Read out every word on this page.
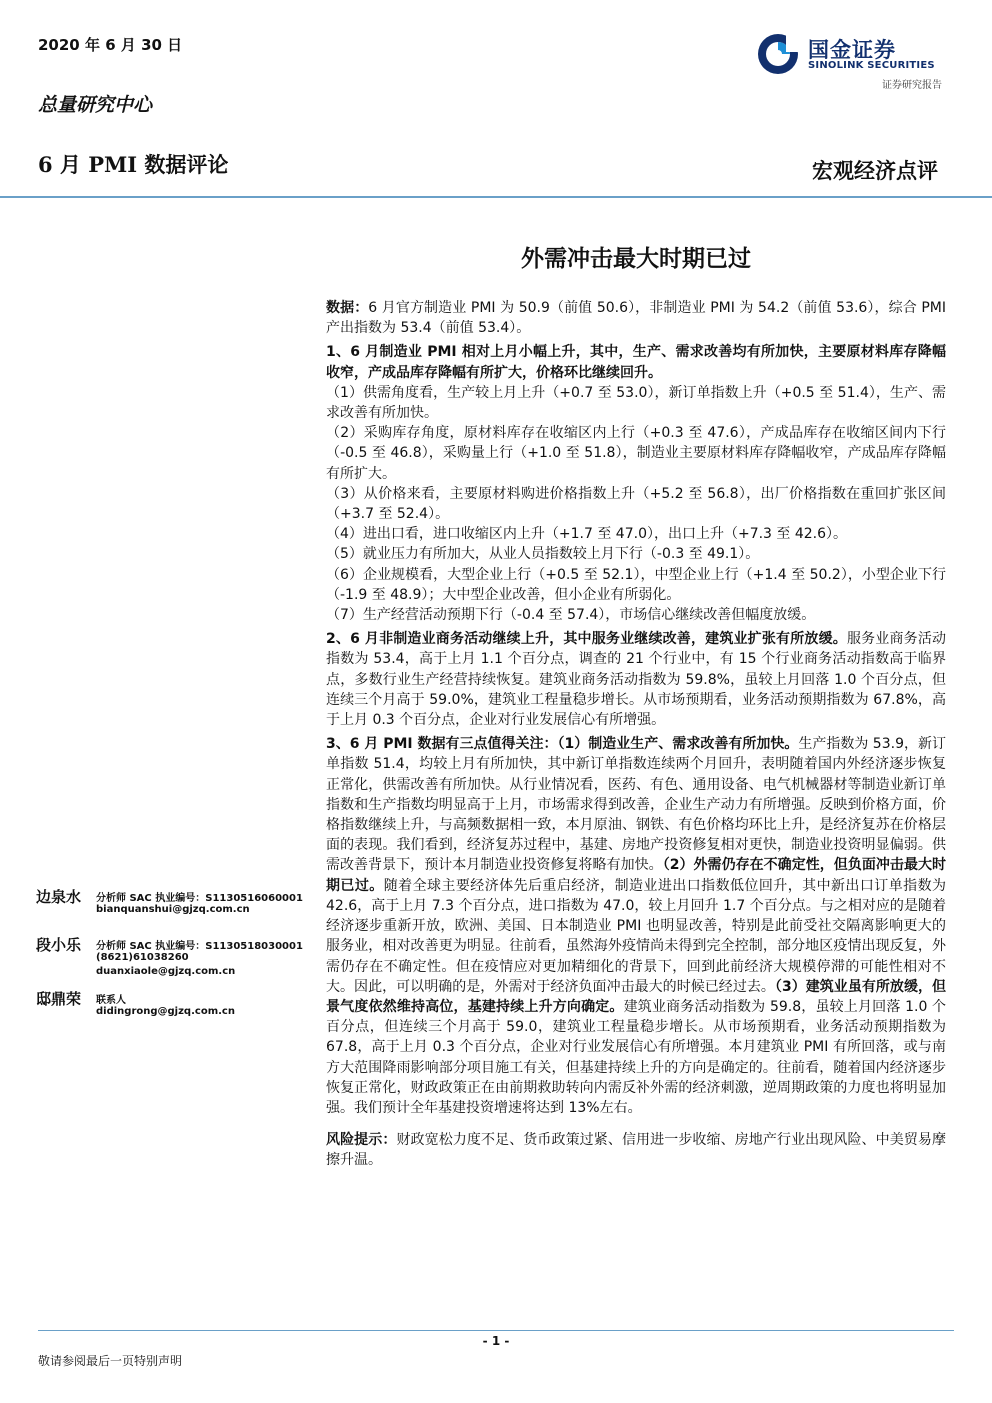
2020 年 6 月 30 日
总量研究中心
6 月 PMI 数据评论	宏观经济点评
国金证券
SINOLINK SECURITIES
证券研究报告
外需冲击最大时期已过

数据：6 月官方制造业 PMI 为 50.9（前值 50.6），非制造业 PMI 为 54.2（前值 53.6），综合 PMI 产出指数为 53.4（前值 53.4）。

1、6 月制造业 PMI 相对上月小幅上升，其中，生产、需求改善均有所加快，主要原材料库存降幅收窄，产成品库存降幅有所扩大，价格环比继续回升。

（1）供需角度看，生产较上月上升（+0.7 至 53.0），新订单指数上升（+0.5 至 51.4），生产、需求改善有所加快。

（2）采购库存角度，原材料库存在收缩区内上行（+0.3 至 47.6），产成品库存在收缩区间内下行（-0.5 至 46.8），采购量上行（+1.0 至 51.8），制造业主要原材料库存降幅收窄，产成品库存降幅有所扩大。

（3）从价格来看，主要原材料购进价格指数上升（+5.2 至 56.8），出厂价格指数在重回扩张区间（+3.7 至 52.4）。

（4）进出口看，进口收缩区内上升（+1.7 至 47.0），出口上升（+7.3 至 42.6）。

（5）就业压力有所加大，从业人员指数较上月下行（-0.3 至 49.1）。

（6）企业规模看，大型企业上行（+0.5 至 52.1），中型企业上行（+1.4 至 50.2），小型企业下行（-1.9 至 48.9）；大中型企业改善，但小企业有所弱化。

（7）生产经营活动预期下行（-0.4 至 57.4），市场信心继续改善但幅度放缓。

2、6 月非制造业商务活动继续上升，其中服务业继续改善，建筑业扩张有所放缓。服务业商务活动指数为 53.4，高于上月 1.1 个百分点，调查的 21 个行业中，有 15 个行业商务活动指数高于临界点，多数行业生产经营持续恢复。建筑业商务活动指数为 59.8%，虽较上月回落 1.0 个百分点，但连续三个月高于 59.0%，建筑业工程量稳步增长。从市场预期看，业务活动预期指数为 67.8%，高于上月 0.3 个百分点，企业对行业发展信心有所增强。

3、6 月 PMI 数据有三点值得关注：（1）制造业生产、需求改善有所加快。生产指数为 53.9，新订单指数 51.4，均较上月有所加快，其中新订单指数连续两个月回升，表明随着国内外经济逐步恢复正常化，供需改善有所加快。从行业情况看，医药、有色、通用设备、电气机械器材等制造业新订单指数和生产指数均明显高于上月，市场需求得到改善，企业生产动力有所增强。反映到价格方面，价格指数继续上升，与高频数据相一致，本月原油、钢铁、有色价格均环比上升，是经济复苏在价格层面的表现。我们看到，经济复苏过程中，基建、房地产投资修复相对更快，制造业投资明显偏弱。供需改善背景下，预计本月制造业投资修复将略有加快。（2）外需仍存在不确定性，但负面冲击最大时期已过。随着全球主要经济体先后重启经济，制造业进出口指数低位回升，其中新出口订单指数为 42.6，高于上月 7.3 个百分点，进口指数为 47.0，较上月回升 1.7 个百分点。与之相对应的是随着经济逐步重新开放，欧洲、美国、日本制造业 PMI 也明显改善，特别是此前受社交隔离影响更大的服务业，相对改善更为明显。往前看，虽然海外疫情尚未得到完全控制，部分地区疫情出现反复，外需仍存在不确定性。但在疫情应对更加精细化的背景下，回到此前经济大规模停滞的可能性相对不大。因此，可以明确的是，外需对于经济负面冲击最大的时候已经过去。（3）建筑业虽有所放缓，但景气度依然维持高位，基建持续上升方向确定。建筑业商务活动指数为 59.8，虽较上月回落 1.0 个百分点，但连续三个月高于 59.0，建筑业工程量稳步增长。从市场预期看，业务活动预期指数为 67.8，高于上月 0.3 个百分点，企业对行业发展信心有所增强。本月建筑业 PMI 有所回落，或与南方大范围降雨影响部分项目施工有关，但基建持续上升的方向是确定的。往前看，随着国内经济逐步恢复正常化，财政政策正在由前期救助转向内需反补外需的经济刺激，逆周期政策的力度也将明显加强。我们预计全年基建投资增速将达到 13%左右。

风险提示：财政宽松力度不足、货币政策过紧、信用进一步收缩、房地产行业出现风险、中美贸易摩擦升温。

边泉水 分析师 SAC 执业编号：S1130516060001
bianquanshui@gjzq.com.cn
段小乐 分析师 SAC 执业编号：S1130518030001
(8621)61038260
duanxiaole@gjzq.com.cn
邸鼎荣 联系人
didingrong@gjzq.com.cn
- 1 -
敬请参阅最后一页特别声明
